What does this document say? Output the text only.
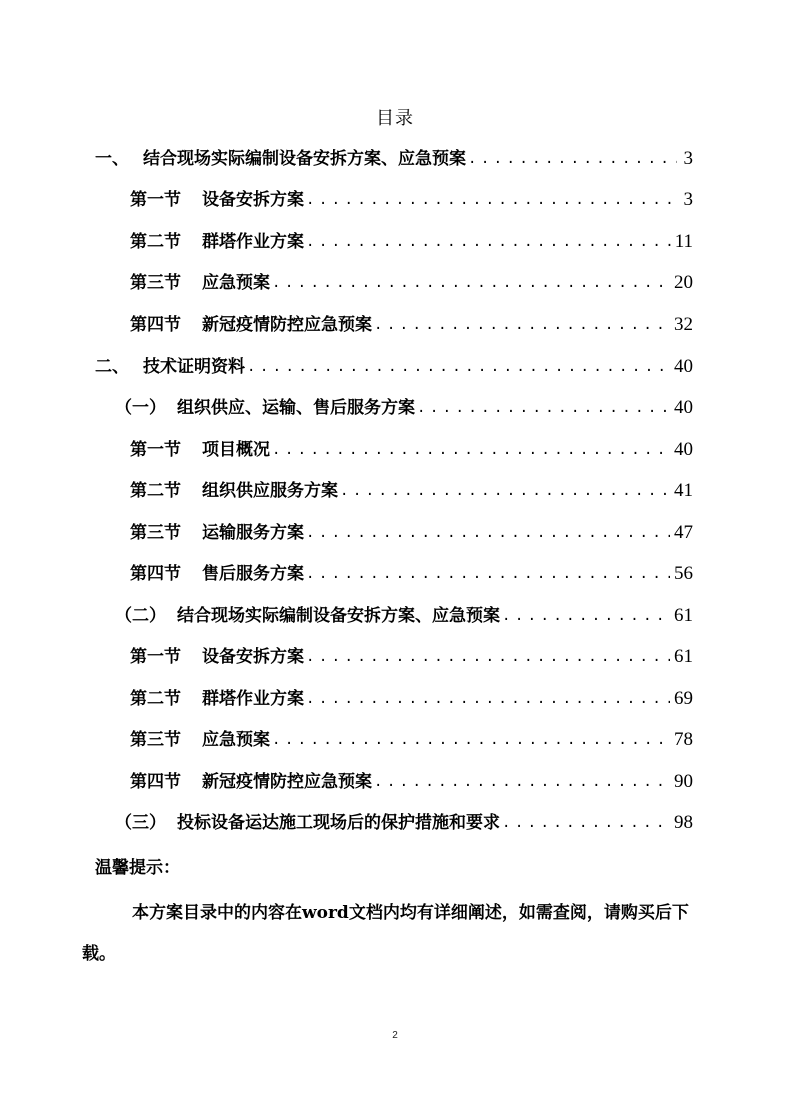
目录
一、 结合现场实际编制设备安拆方案、应急预案 .....	3
第一节	设备安拆方案 .....	3
第二节	群塔作业方案 .....	11
第三节	应急预案 .....	20
第四节	新冠疫情防控应急预案 .....	32
二、 技术证明资料 .....	40
（一） 组织供应、运输、售后服务方案 .....	40
第一节	项目概况 .....	40
第二节	组织供应服务方案 .....	41
第三节	运输服务方案 .....	47
第四节	售后服务方案 .....	56
（二） 结合现场实际编制设备安拆方案、应急预案 .....	61
第一节	设备安拆方案 .....	61
第二节	群塔作业方案 .....	69
第三节	应急预案 .....	78
第四节	新冠疫情防控应急预案 .....	90
（三） 投标设备运达施工现场后的保护措施和要求 .....	98
温馨提示：

本方案目录中的内容在word文档内均有详细阐述，如需查阅，请购买后下载。

2
